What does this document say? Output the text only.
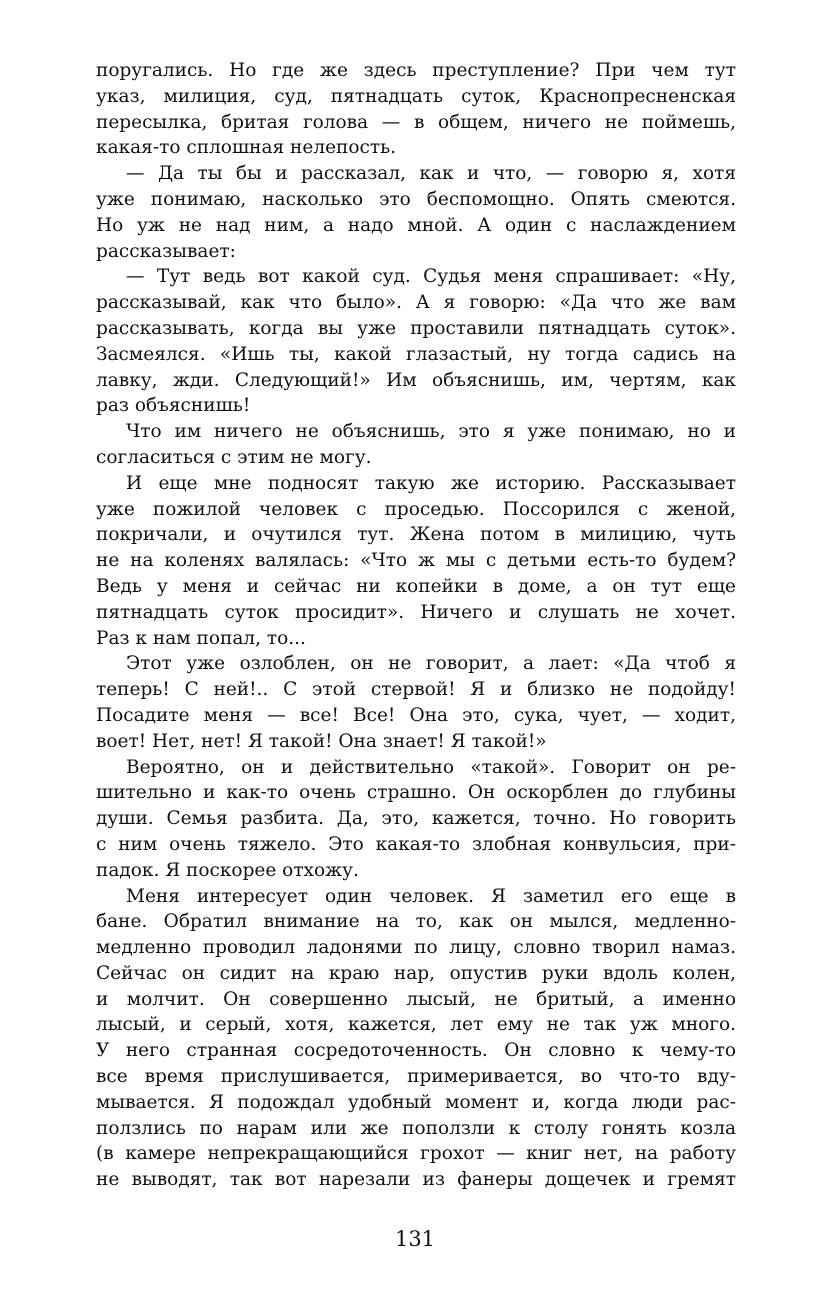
поругались. Но где же здесь преступление? При чем тут
указ, милиция, суд, пятнадцать суток, Краснопресненская
пересылка, бритая голова — в общем, ничего не поймешь,
какая-то сплошная нелепость.
— Да ты бы и рассказал, как и что, — говорю я, хотя
уже понимаю, насколько это беспомощно. Опять смеются.
Но уж не над ним, а надо мной. А один с наслаждением
рассказывает:
— Тут ведь вот какой суд. Судья меня спрашивает: «Ну,
рассказывай, как что было». А я говорю: «Да что же вам
рассказывать, когда вы уже проставили пятнадцать суток».
Засмеялся. «Ишь ты, какой глазастый, ну тогда садись на
лавку, жди. Следующий!» Им объяснишь, им, чертям, как
раз объяснишь!
Что им ничего не объяснишь, это я уже понимаю, но и
согласиться с этим не могу.
И еще мне подносят такую же историю. Рассказывает
уже пожилой человек с проседью. Поссорился с женой,
покричали, и очутился тут. Жена потом в милицию, чуть
не на коленях валялась: «Что ж мы с детьми есть-то будем?
Ведь у меня и сейчас ни копейки в доме, а он тут еще
пятнадцать суток просидит». Ничего и слушать не хочет.
Раз к нам попал, то...
Этот уже озлоблен, он не говорит, а лает: «Да чтоб я
теперь! С ней!.. С этой стервой! Я и близко не подойду!
Посадите меня — все! Все! Она это, сука, чует, — ходит,
воет! Нет, нет! Я такой! Она знает! Я такой!»
Вероятно, он и действительно «такой». Говорит он ре-
шительно и как-то очень страшно. Он оскорблен до глубины
души. Семья разбита. Да, это, кажется, точно. Но говорить
с ним очень тяжело. Это какая-то злобная конвульсия, при-
падок. Я поскорее отхожу.
Меня интересует один человек. Я заметил его еще в
бане. Обратил внимание на то, как он мылся, медленно-
медленно проводил ладонями по лицу, словно творил намаз.
Сейчас он сидит на краю нар, опустив руки вдоль колен,
и молчит. Он совершенно лысый, не бритый, а именно
лысый, и серый, хотя, кажется, лет ему не так уж много.
У него странная сосредоточенность. Он словно к чему-то
все время прислушивается, примеривается, во что-то вду-
мывается. Я подождал удобный момент и, когда люди рас-
ползлись по нарам или же поползли к столу гонять козла
(в камере непрекращающийся грохот — книг нет, на работу
не выводят, так вот нарезали из фанеры дощечек и гремят
131
